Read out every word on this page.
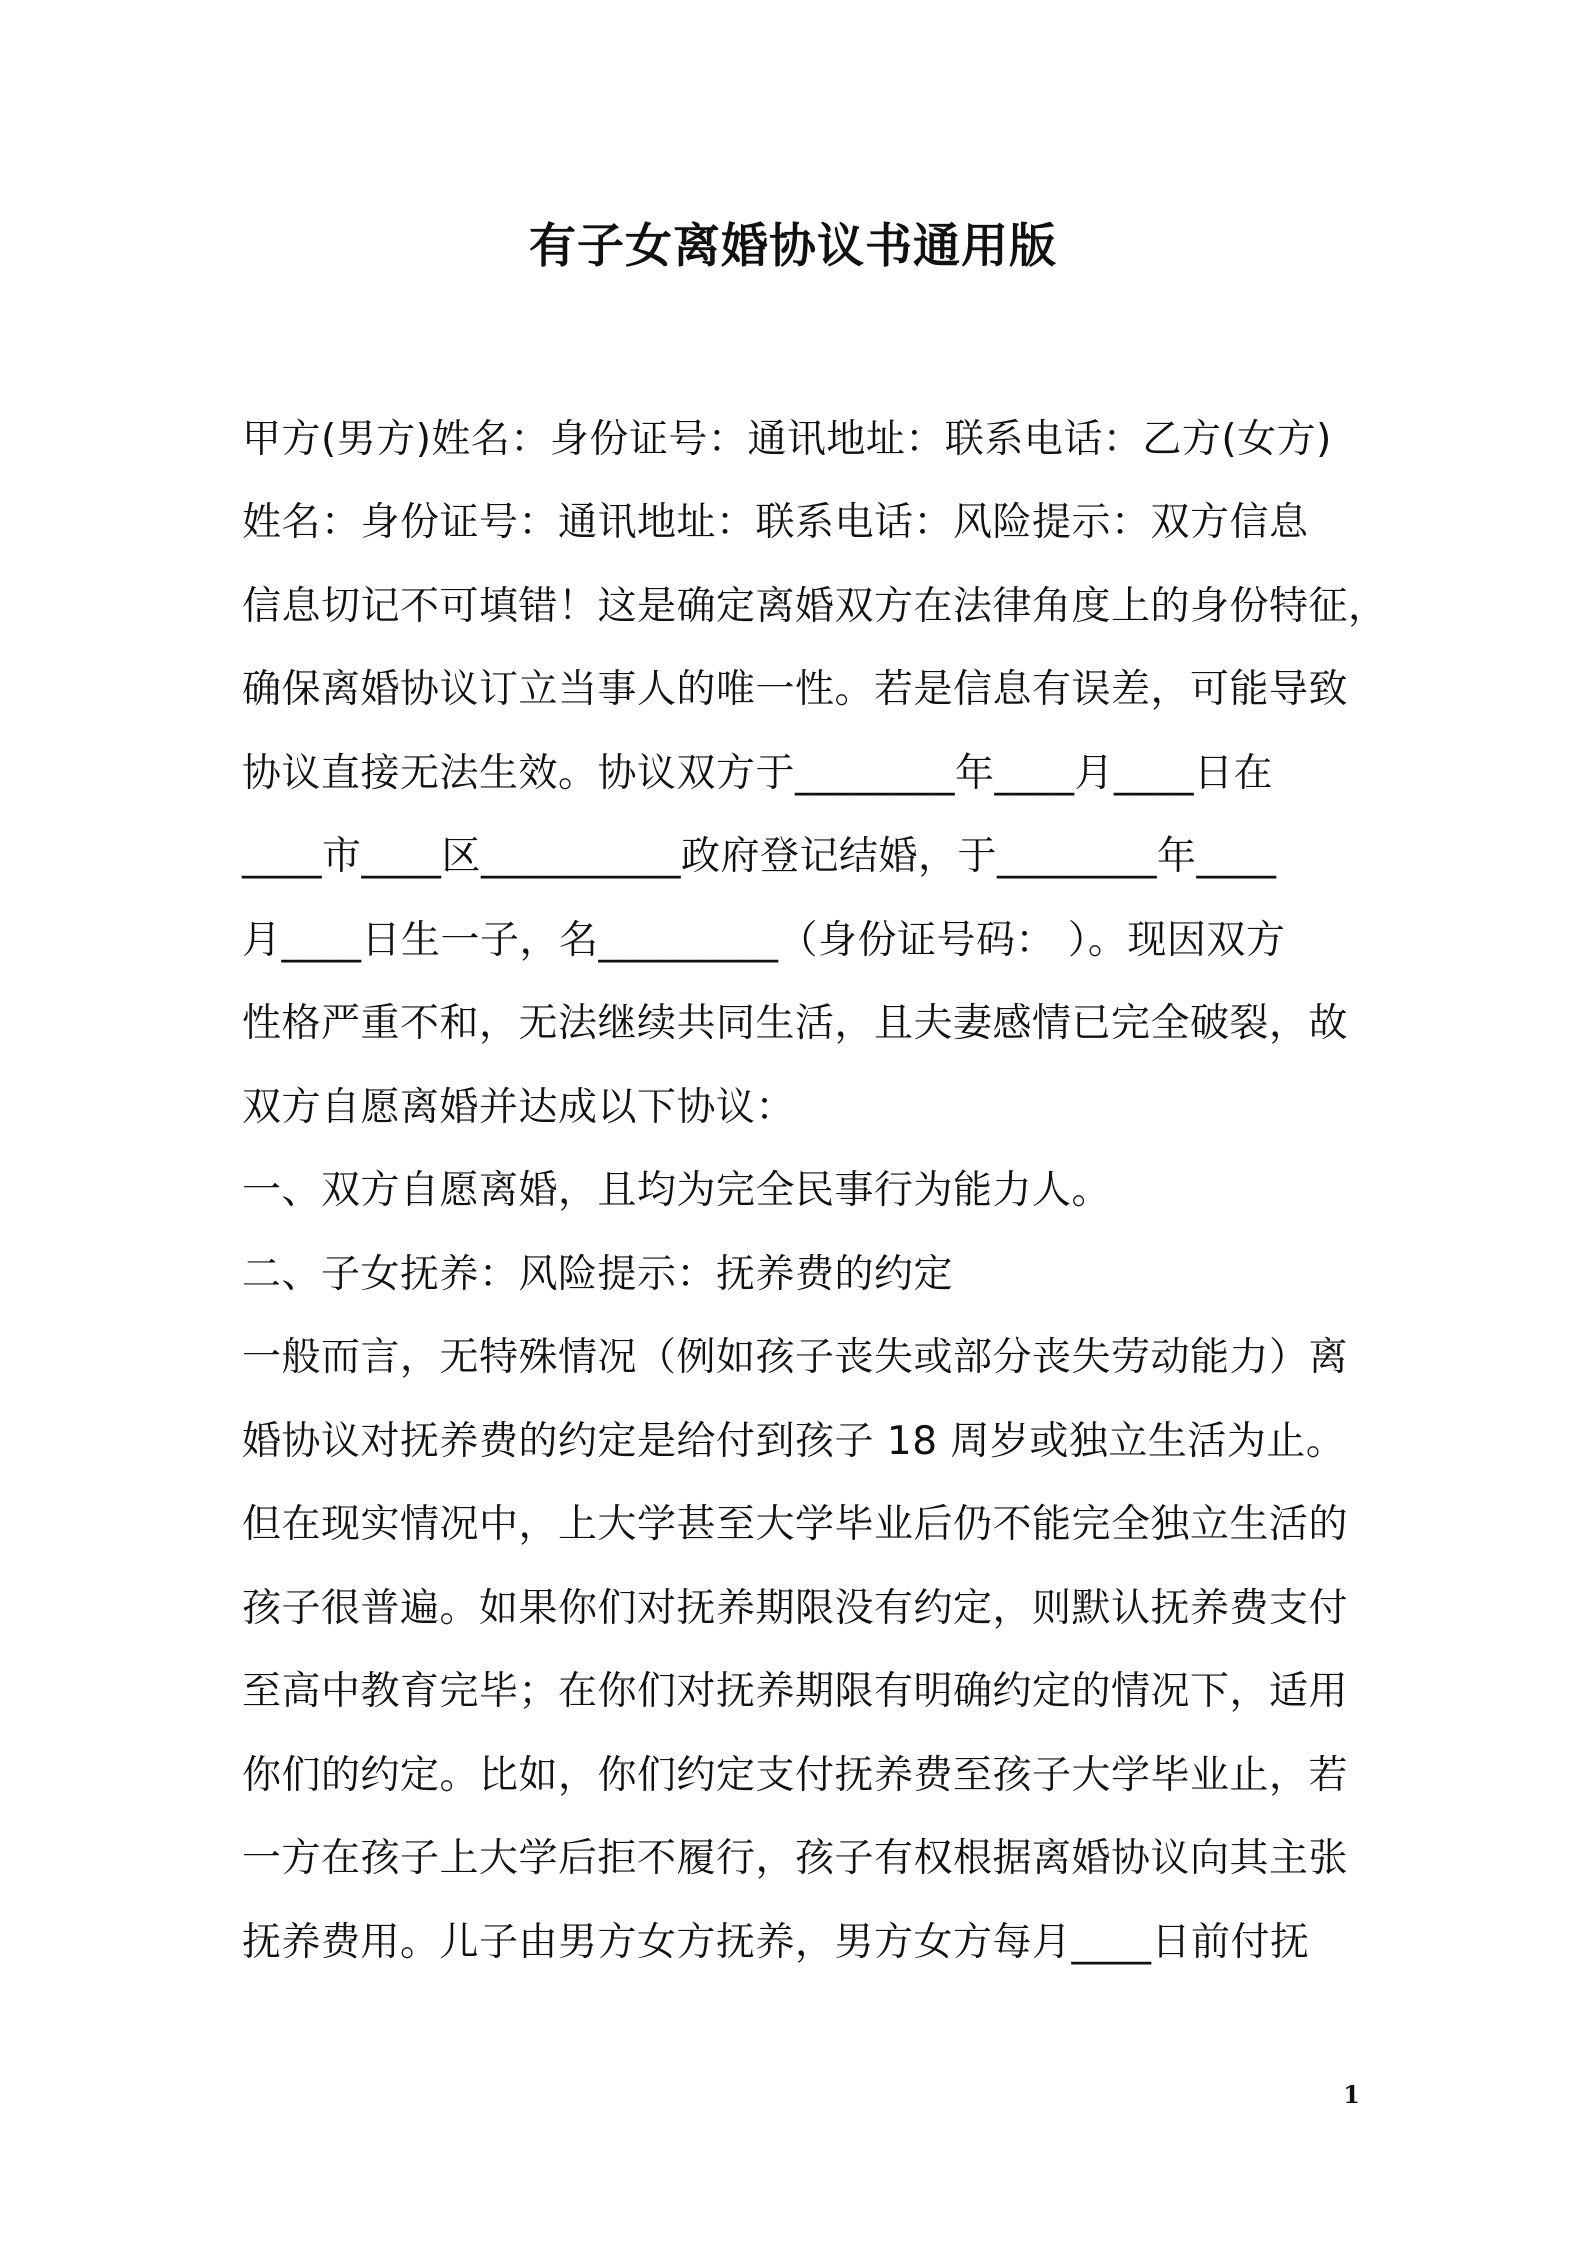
有子女离婚协议书通用版
甲方(男方)姓名：身份证号：通讯地址：联系电话：乙方(女方)
姓名：身份证号：通讯地址：联系电话：风险提示：双方信息
信息切记不可填错！这是确定离婚双方在法律角度上的身份特征，
确保离婚协议订立当事人的唯一性。若是信息有误差，可能导致
协议直接无法生效。协议双方于________年____月____日在
____市____区__________政府登记结婚，于________年____
月____日生一子，名_________（身份证号码： ）。现因双方
性格严重不和，无法继续共同生活，且夫妻感情已完全破裂，故
双方自愿离婚并达成以下协议：
一、双方自愿离婚，且均为完全民事行为能力人。
二、子女抚养：风险提示：抚养费的约定
一般而言，无特殊情况（例如孩子丧失或部分丧失劳动能力）离
婚协议对抚养费的约定是给付到孩子 18 周岁或独立生活为止。
但在现实情况中，上大学甚至大学毕业后仍不能完全独立生活的
孩子很普遍。如果你们对抚养期限没有约定，则默认抚养费支付
至高中教育完毕；在你们对抚养期限有明确约定的情况下，适用
你们的约定。比如，你们约定支付抚养费至孩子大学毕业止，若
一方在孩子上大学后拒不履行，孩子有权根据离婚协议向其主张
抚养费用。儿子由男方女方抚养，男方女方每月____日前付抚
1
